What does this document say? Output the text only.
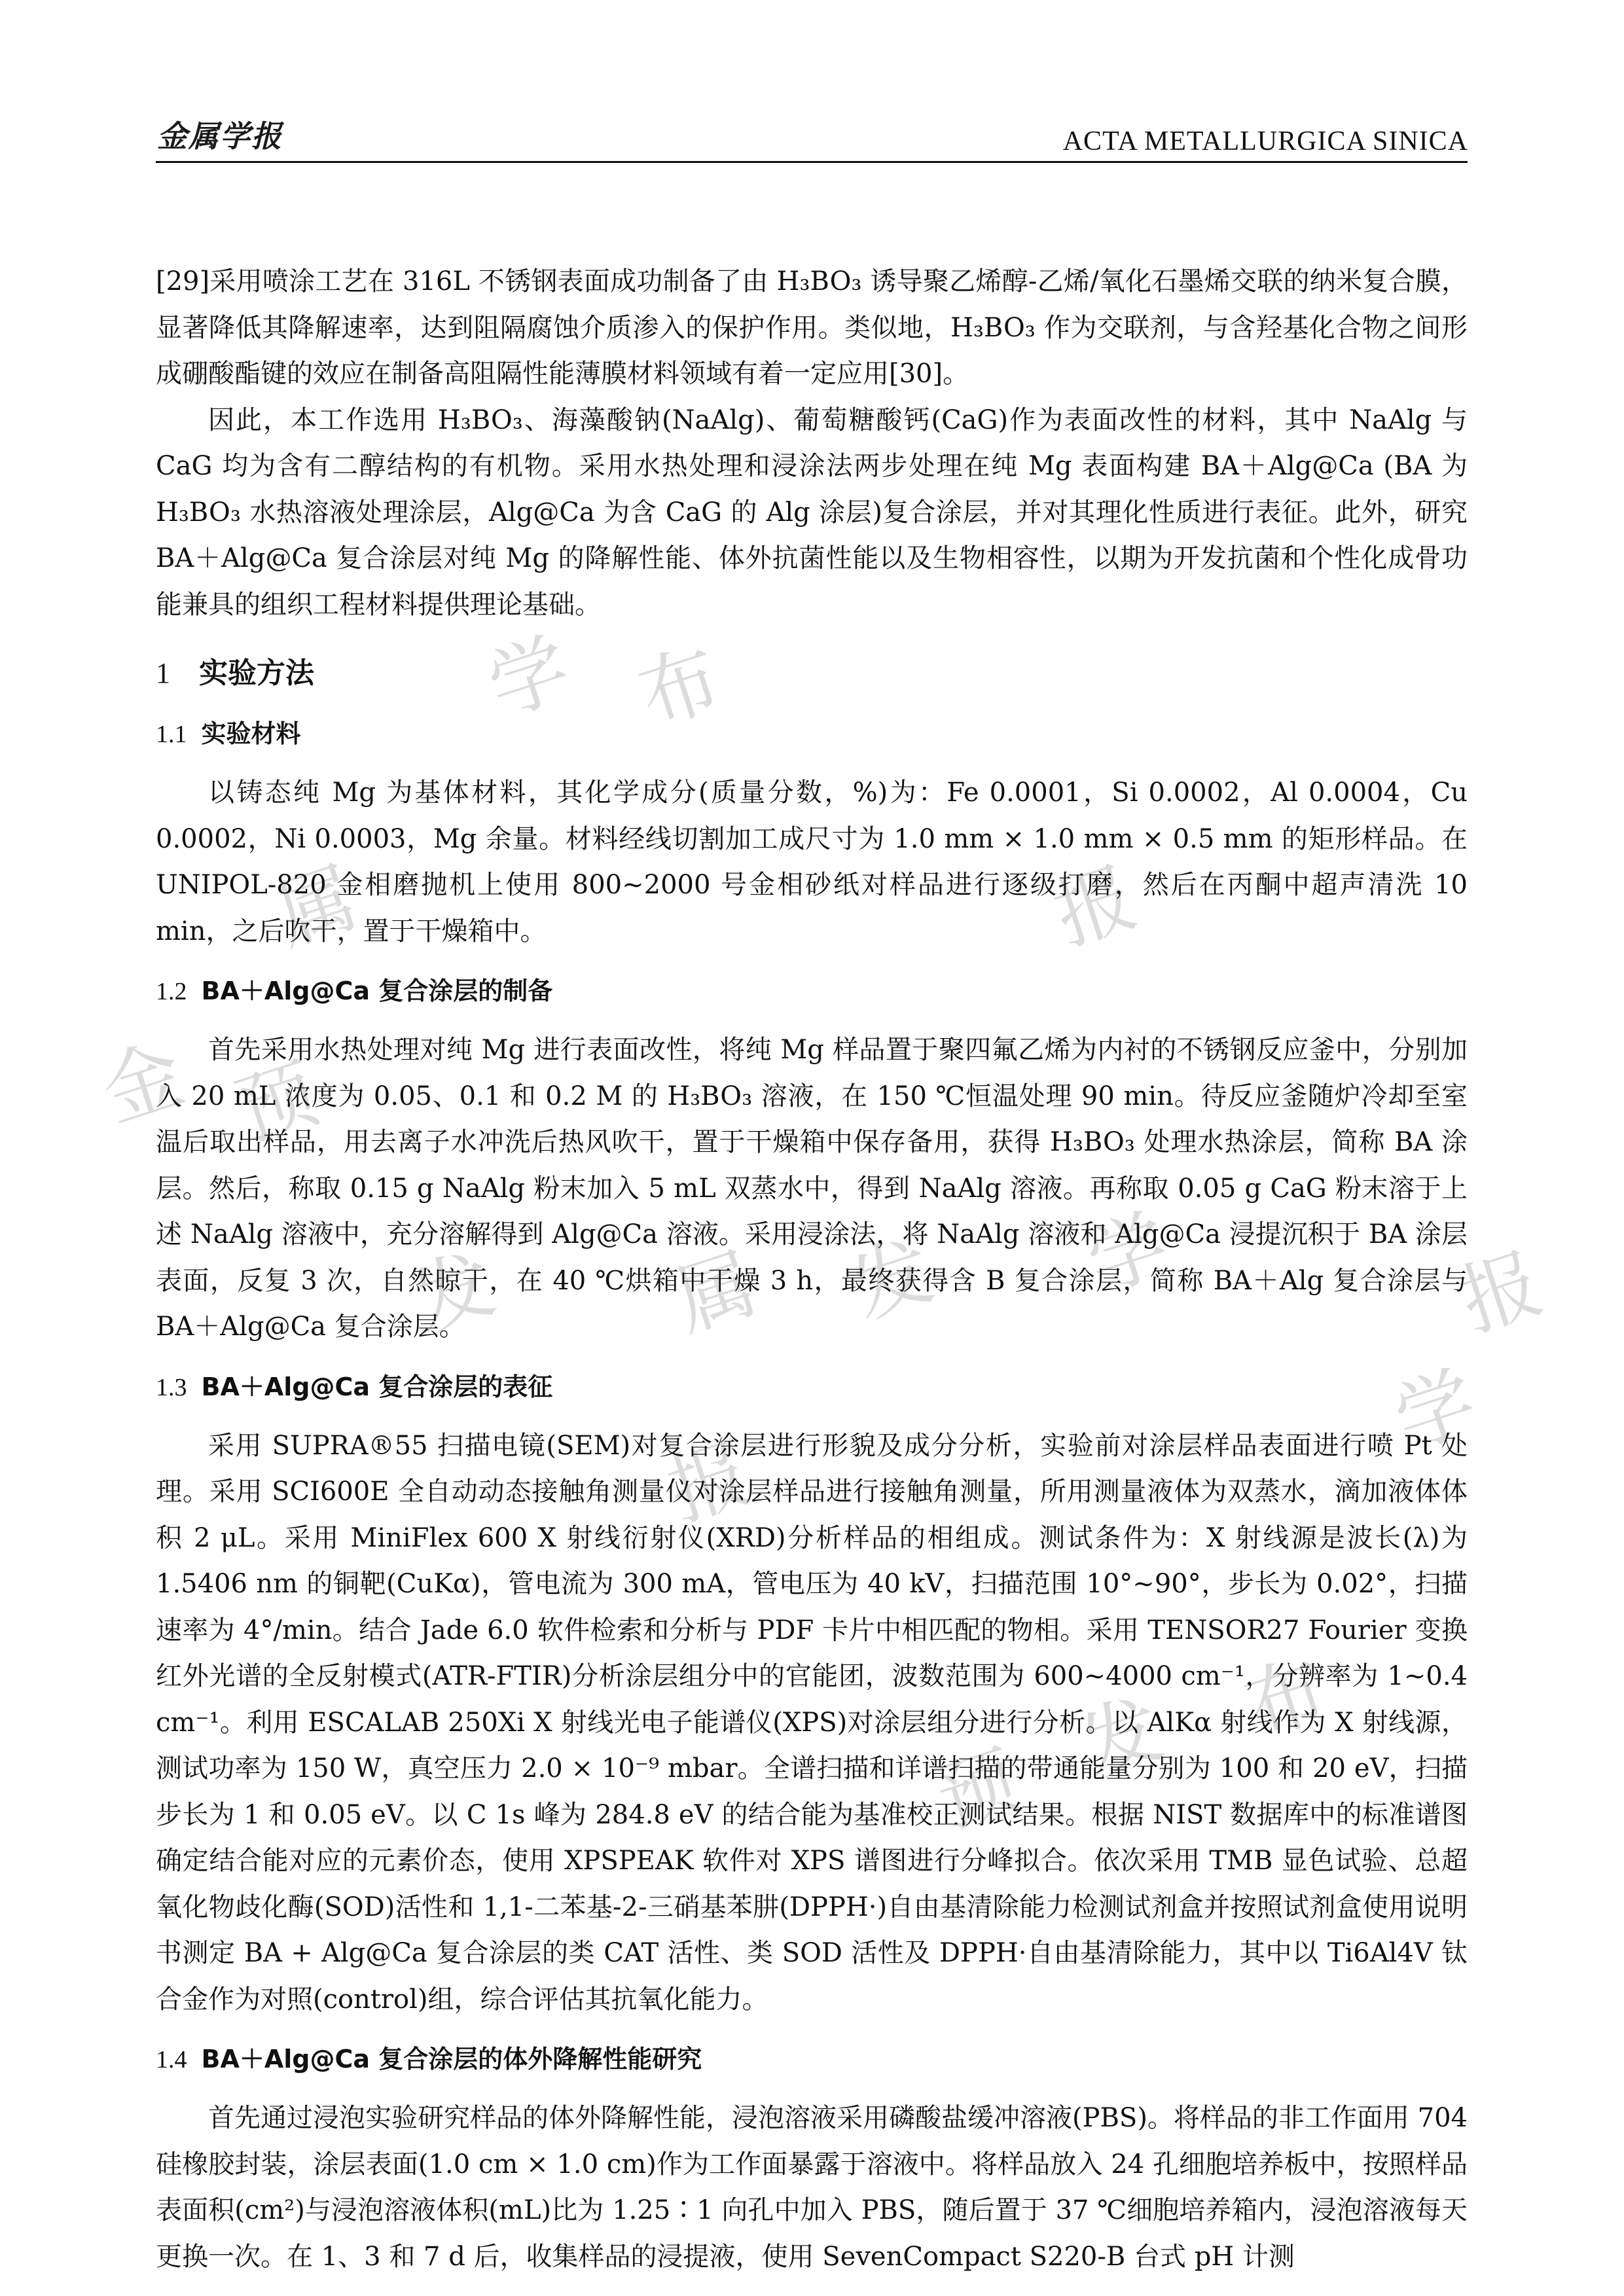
金属学报	ACTA METALLURGICA SINICA

[29]采用喷涂工艺在 316L 不锈钢表面成功制备了由 H₃BO₃ 诱导聚乙烯醇-乙烯/氧化石墨烯交联的纳米复合膜，显著降低其降解速率，达到阻隔腐蚀介质渗入的保护作用。类似地，H₃BO₃ 作为交联剂，与含羟基化合物之间形成硼酸酯键的效应在制备高阻隔性能薄膜材料领域有着一定应用[30]。

因此，本工作选用 H₃BO₃、海藻酸钠(NaAlg)、葡萄糖酸钙(CaG)作为表面改性的材料，其中 NaAlg 与 CaG 均为含有二醇结构的有机物。采用水热处理和浸涂法两步处理在纯 Mg 表面构建 BA＋Alg@Ca (BA 为 H₃BO₃ 水热溶液处理涂层，Alg@Ca 为含 CaG 的 Alg 涂层)复合涂层，并对其理化性质进行表征。此外，研究 BA＋Alg@Ca 复合涂层对纯 Mg 的降解性能、体外抗菌性能以及生物相容性，以期为开发抗菌和个性化成骨功能兼具的组织工程材料提供理论基础。

1 实验方法
1.1 实验材料

以铸态纯 Mg 为基体材料，其化学成分(质量分数，%)为：Fe 0.0001，Si 0.0002，Al 0.0004，Cu 0.0002，Ni 0.0003，Mg 余量。材料经线切割加工成尺寸为 1.0 mm × 1.0 mm × 0.5 mm 的矩形样品。在 UNIPOL-820 金相磨抛机上使用 800~2000 号金相砂纸对样品进行逐级打磨，然后在丙酮中超声清洗 10 min，之后吹干，置于干燥箱中。

1.2 BA＋Alg@Ca 复合涂层的制备

首先采用水热处理对纯 Mg 进行表面改性，将纯 Mg 样品置于聚四氟乙烯为内衬的不锈钢反应釜中，分别加入 20 mL 浓度为 0.05、0.1 和 0.2 M 的 H₃BO₃ 溶液，在 150 ℃恒温处理 90 min。待反应釜随炉冷却至室温后取出样品，用去离子水冲洗后热风吹干，置于干燥箱中保存备用，获得 H₃BO₃ 处理水热涂层，简称 BA 涂层。然后，称取 0.15 g NaAlg 粉末加入 5 mL 双蒸水中，得到 NaAlg 溶液。再称取 0.05 g CaG 粉末溶于上述 NaAlg 溶液中，充分溶解得到 Alg@Ca 溶液。采用浸涂法，将 NaAlg 溶液和 Alg@Ca 浸提沉积于 BA 涂层表面，反复 3 次，自然晾干，在 40 ℃烘箱中干燥 3 h，最终获得含 B 复合涂层，简称 BA＋Alg 复合涂层与 BA＋Alg@Ca 复合涂层。

1.3 BA＋Alg@Ca 复合涂层的表征

采用 SUPRA®55 扫描电镜(SEM)对复合涂层进行形貌及成分分析，实验前对涂层样品表面进行喷 Pt 处理。采用 SCI600E 全自动动态接触角测量仪对涂层样品进行接触角测量，所用测量液体为双蒸水，滴加液体体积 2 μL。采用 MiniFlex 600 X 射线衍射仪(XRD)分析样品的相组成。测试条件为：X 射线源是波长(λ)为 1.5406 nm 的铜靶(CuKα)，管电流为 300 mA，管电压为 40 kV，扫描范围 10°~90°，步长为 0.02°，扫描速率为 4°/min。结合 Jade 6.0 软件检索和分析与 PDF 卡片中相匹配的物相。采用 TENSOR27 Fourier 变换红外光谱的全反射模式(ATR-FTIR)分析涂层组分中的官能团，波数范围为 600~4000 cm⁻¹，分辨率为 1~0.4 cm⁻¹。利用 ESCALAB 250Xi X 射线光电子能谱仪(XPS)对涂层组分进行分析。以 AlKα 射线作为 X 射线源，测试功率为 150 W，真空压力 2.0 × 10⁻⁹ mbar。全谱扫描和详谱扫描的带通能量分别为 100 和 20 eV，扫描步长为 1 和 0.05 eV。以 C 1s 峰为 284.8 eV 的结合能为基准校正测试结果。根据 NIST 数据库中的标准谱图确定结合能对应的元素价态，使用 XPSPEAK 软件对 XPS 谱图进行分峰拟合。依次采用 TMB 显色试验、总超氧化物歧化酶(SOD)活性和 1,1-二苯基-2-三硝基苯肼(DPPH·)自由基清除能力检测试剂盒并按照试剂盒使用说明书测定 BA + Alg@Ca 复合涂层的类 CAT 活性、类 SOD 活性及 DPPH·自由基清除能力，其中以 Ti6Al4V 钛合金作为对照(control)组，综合评估其抗氧化能力。

1.4 BA＋Alg@Ca 复合涂层的体外降解性能研究

首先通过浸泡实验研究样品的体外降解性能，浸泡溶液采用磷酸盐缓冲溶液(PBS)。将样品的非工作面用 704 硅橡胶封装，涂层表面(1.0 cm × 1.0 cm)作为工作面暴露于溶液中。将样品放入 24 孔细胞培养板中，按照样品表面积(cm²)与浸泡溶液体积(mL)比为 1.25∶1 向孔中加入 PBS，随后置于 37 ℃细胞培养箱内，浸泡溶液每天更换一次。在 1、3 和 7 d 后，收集样品的浸提液，使用 SevenCompact S220-B 台式 pH 计测

学 布
报
金
属
预
发 属 发 学	报
报
学
预 发 布
